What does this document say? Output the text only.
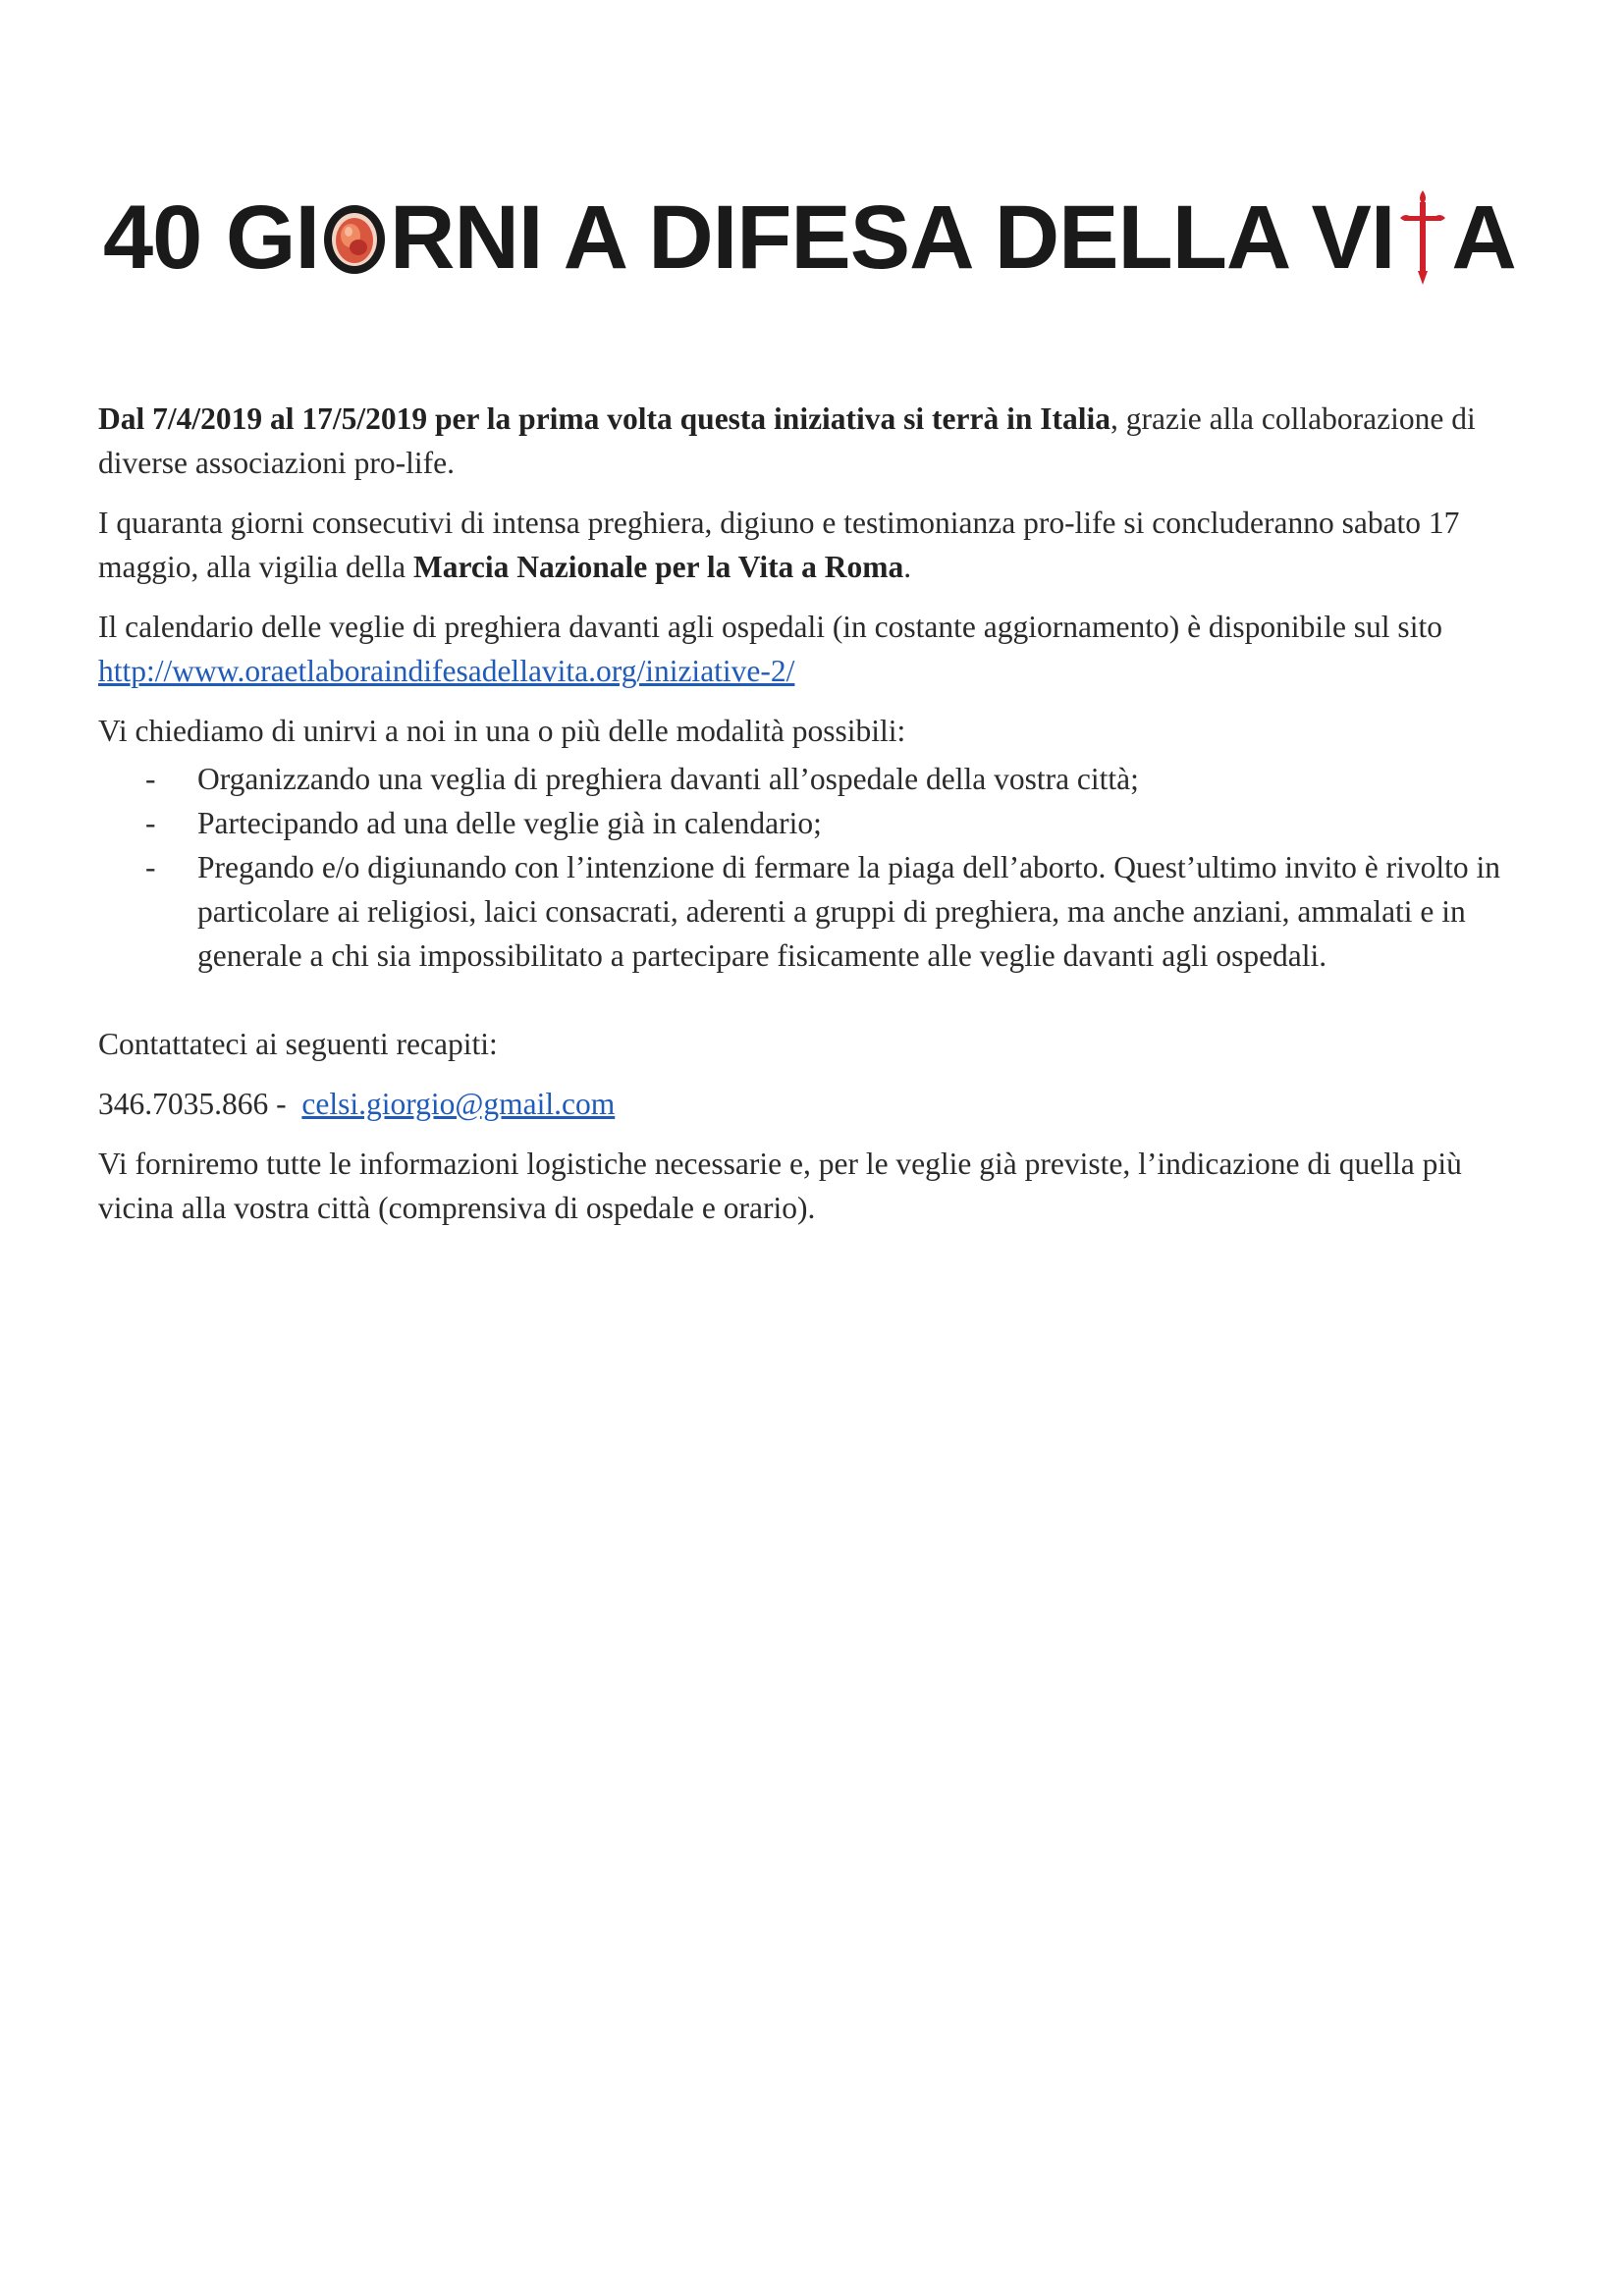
40 GI RNI A DIFESA DELLA VI A

Dal 7/4/2019 al 17/5/2019 per la prima volta questa iniziativa si terrà in Italia, grazie alla collaborazione di diverse associazioni pro-life.

I quaranta giorni consecutivi di intensa preghiera, digiuno e testimonianza pro-life si concluderanno sabato 17 maggio, alla vigilia della Marcia Nazionale per la Vita a Roma.

Il calendario delle veglie di preghiera davanti agli ospedali (in costante aggiornamento) è disponibile sul sito http://www.oraetlaboraindifesadellavita.org/iniziative-2/

Vi chiediamo di unirvi a noi in una o più delle modalità possibili:

- Organizzando una veglia di preghiera davanti all’ospedale della vostra città;
- Partecipando ad una delle veglie già in calendario;
- Pregando e/o digiunando con l’intenzione di fermare la piaga dell’aborto. Quest’ultimo invito è rivolto in particolare ai religiosi, laici consacrati, aderenti a gruppi di preghiera, ma anche anziani, ammalati e in generale a chi sia impossibilitato a partecipare fisicamente alle veglie davanti agli ospedali.

Contattateci ai seguenti recapiti:

346.7035.866 -  celsi.giorgio@gmail.com

Vi forniremo tutte le informazioni logistiche necessarie e, per le veglie già previste, l’indicazione di quella più vicina alla vostra città (comprensiva di ospedale e orario).
